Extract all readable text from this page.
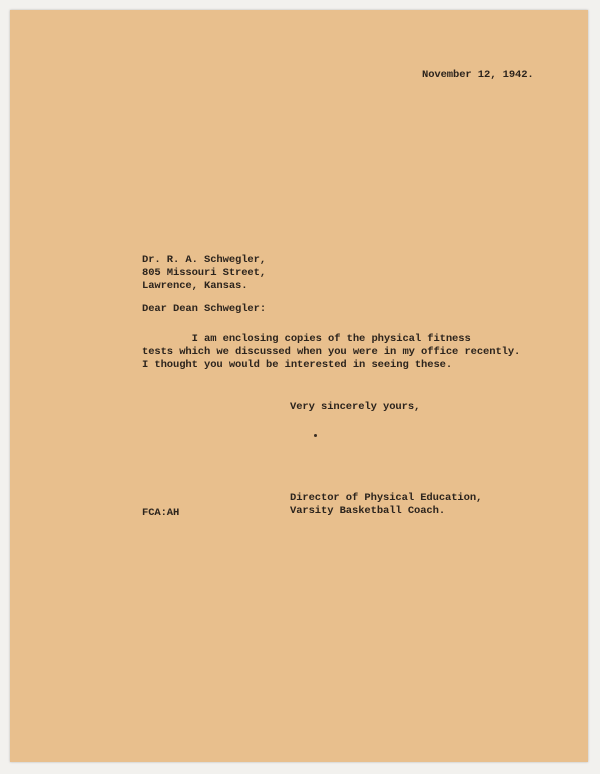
November 12, 1942.
Dr. R. A. Schwegler,
805 Missouri Street,
Lawrence, Kansas.
Dear Dean Schwegler:
I am enclosing copies of the physical fitness
tests which we discussed when you were in my office recently.
I thought you would be interested in seeing these.
Very sincerely yours,
Director of Physical Education,
Varsity Basketball Coach.
FCA:AH
